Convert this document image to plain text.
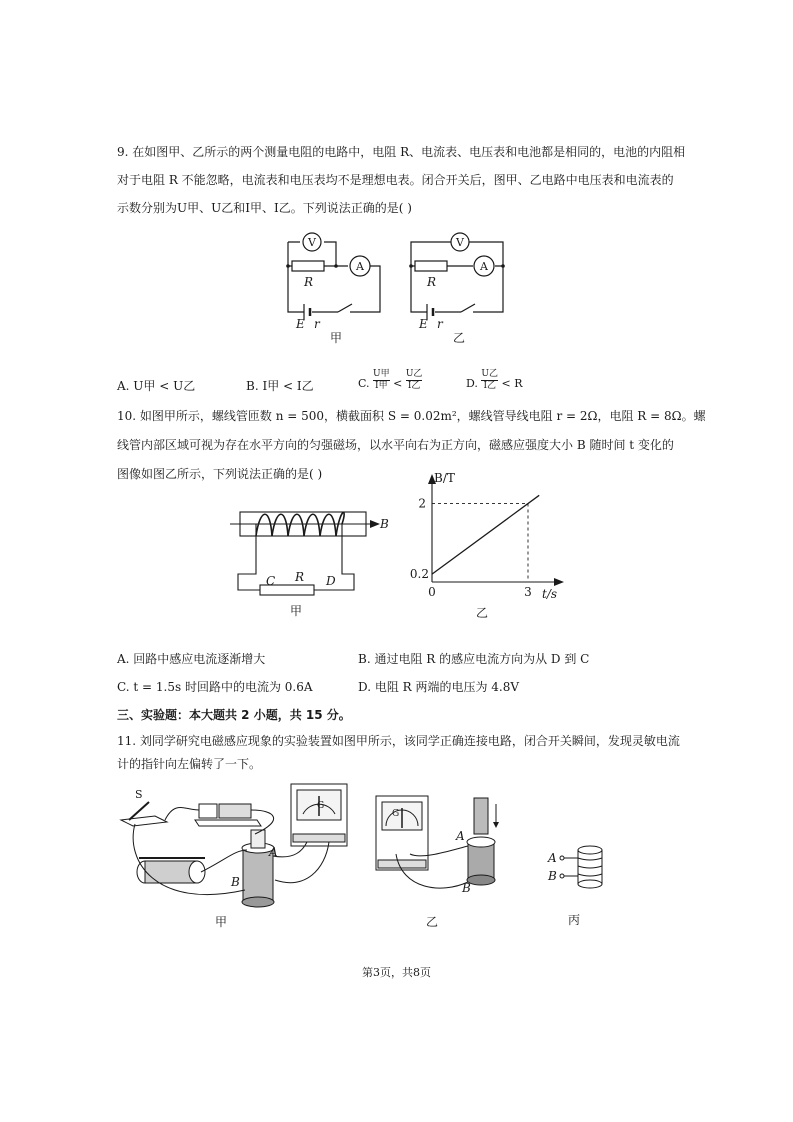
9. 在如图甲、乙所示的两个测量电阻的电路中，电阻 R、电流表、电压表和电池都是相同的，电池的内阻相
对于电阻 R 不能忽略，电流表和电压表均不是理想电表。闭合开关后，图甲、乙电路中电压表和电流表的
示数分别为U甲、U乙和I甲、I乙。下列说法正确的是( )
V
A
R
E r
甲
V
A
R
E r
乙
A. U甲 < U乙	B. I甲 < I乙	C.
U甲
I甲 <
U乙
I乙	D.
U乙
I乙 < R
10. 如图甲所示，螺线管匝数 n = 500，横截面积 S = 0.02m²，螺线管导线电阻 r = 2Ω，电阻 R = 8Ω。螺
线管内部区域可视为存在水平方向的匀强磁场，以水平向右为正方向，磁感应强度大小 B 随时间 t 变化的
图像如图乙所示，下列说法正确的是( )
B
C R D
甲
B/T
t/s
0.2
2
0	3
乙
A. 回路中感应电流逐渐增大	B. 通过电阻 R 的感应电流方向为从 D 到 C
C. t = 1.5s 时回路中的电流为 0.6A	D. 电阻 R 两端的电压为 4.8V
三、实验题：本大题共 2 小题，共 15 分。
11. 刘同学研究电磁感应现象的实验装置如图甲所示，该同学正确连接电路，闭合开关瞬间，发现灵敏电流
计的指针向左偏转了一下。
S
G
A
B
甲
G
A
B
乙
A
B
丙
第3页，共8页
